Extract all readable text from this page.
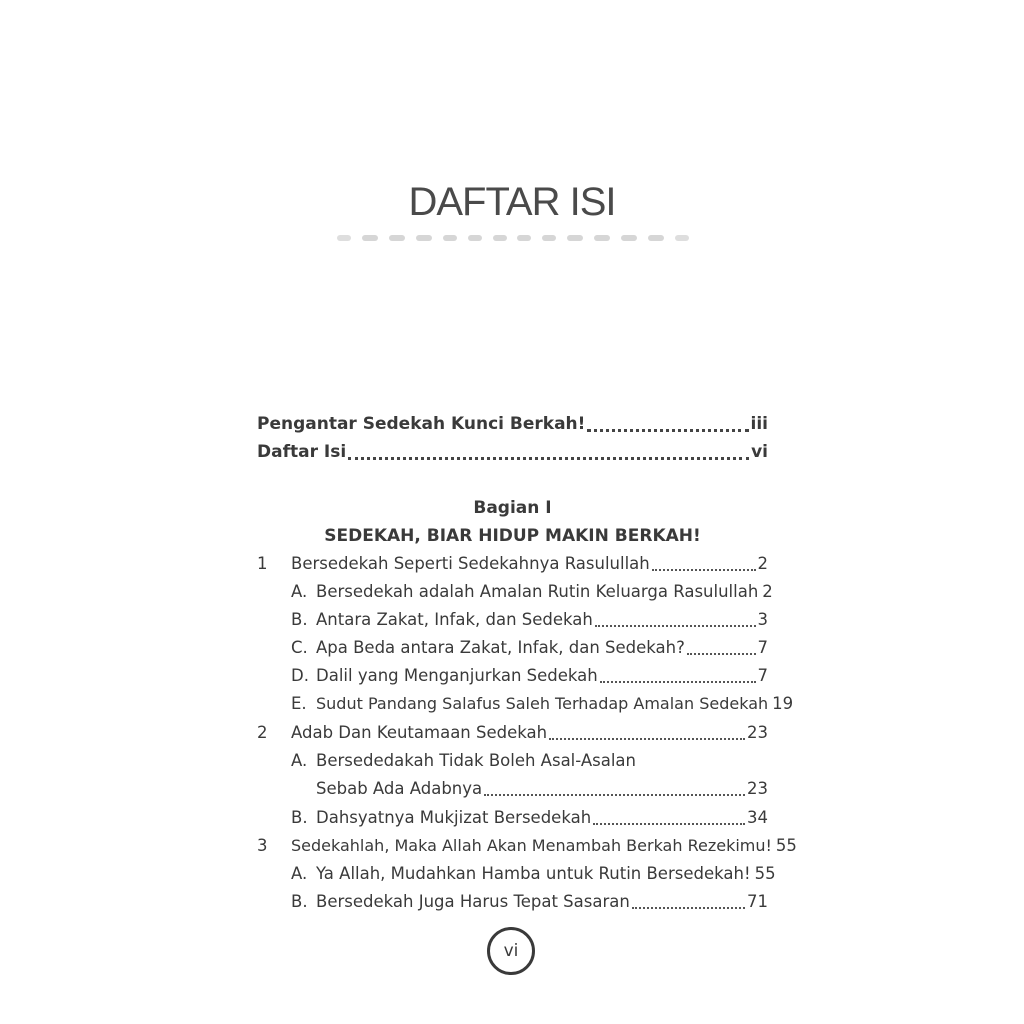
DAFTAR ISI
Pengantar Sedekah Kunci Berkah!	iii
Daftar Isi	vi
Bagian I
SEDEKAH, BIAR HIDUP MAKIN BERKAH!
1	Bersedekah Seperti Sedekahnya Rasulullah	2
A. Bersedekah adalah Amalan Rutin Keluarga Rasulullah 2
B. Antara Zakat, Infak, dan Sedekah	3
C. Apa Beda antara Zakat, Infak, dan Sedekah?	7
D. Dalil yang Menganjurkan Sedekah	7
E. Sudut Pandang Salafus Saleh Terhadap Amalan Sedekah 19
2	Adab Dan Keutamaan Sedekah	23
A. Bersededakah Tidak Boleh Asal-Asalan
Sebab Ada Adabnya	23
B. Dahsyatnya Mukjizat Bersedekah	34
3	Sedekahlah, Maka Allah Akan Menambah Berkah Rezekimu! 55
A. Ya Allah, Mudahkan Hamba untuk Rutin Bersedekah! 55
B. Bersedekah Juga Harus Tepat Sasaran	71
vi
